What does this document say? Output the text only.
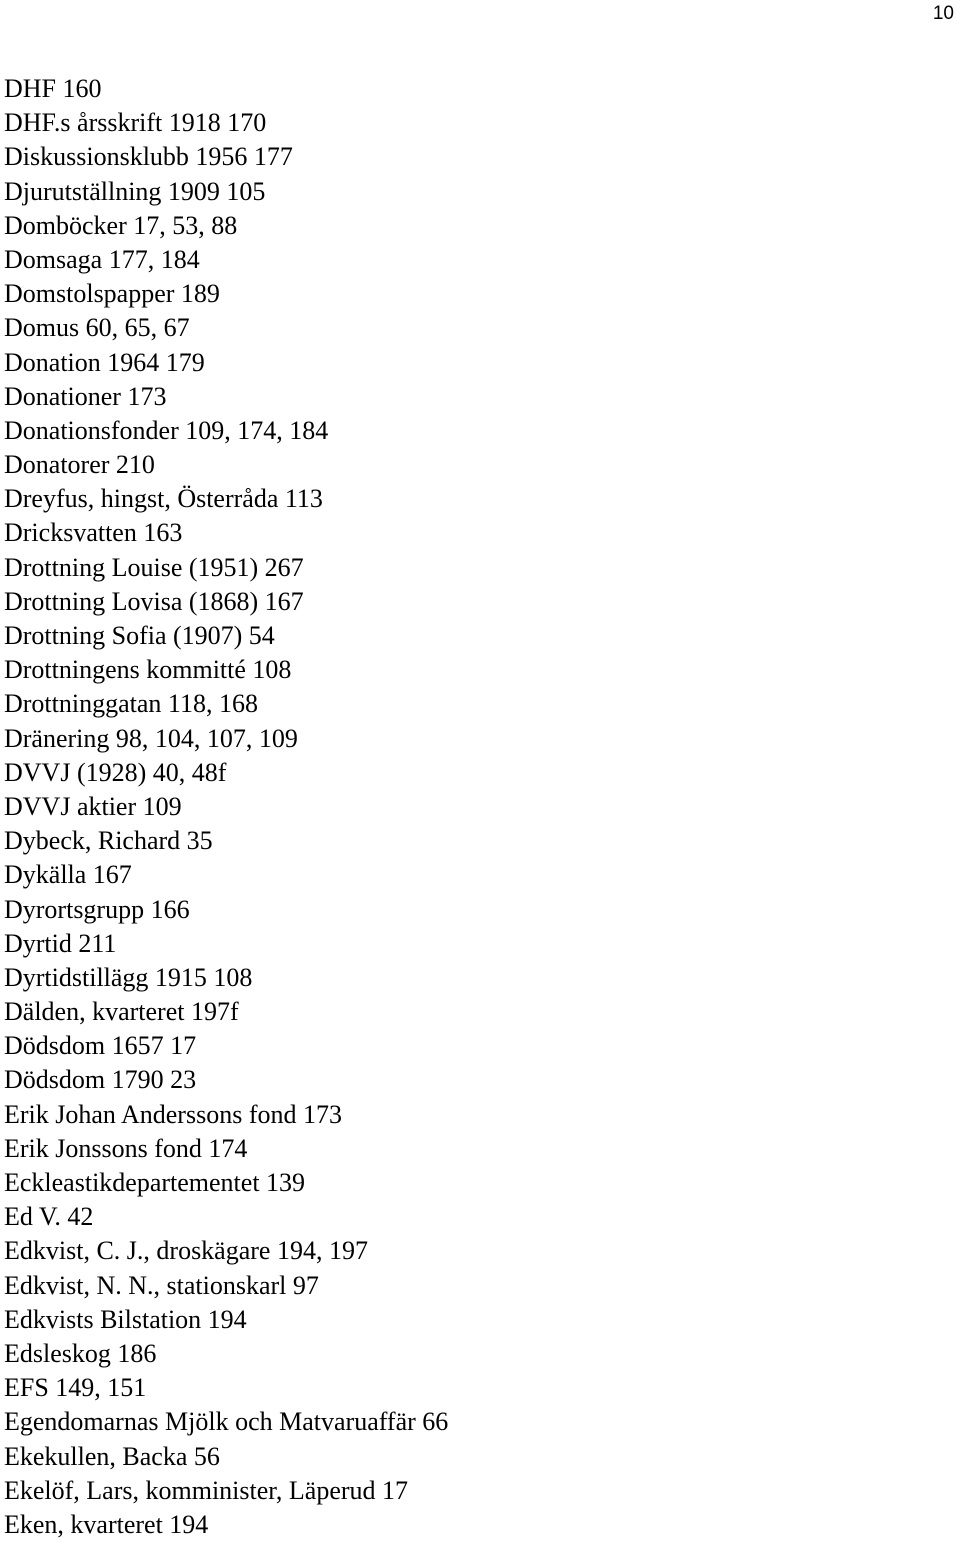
10
DHF 160
DHF.s årsskrift 1918 170
Diskussionsklubb 1956 177
Djurutställning 1909 105
Domböcker 17, 53, 88
Domsaga 177, 184
Domstolspapper 189
Domus 60, 65, 67
Donation 1964 179
Donationer 173
Donationsfonder 109, 174, 184
Donatorer 210
Dreyfus, hingst, Österråda 113
Dricksvatten 163
Drottning Louise (1951) 267
Drottning Lovisa (1868) 167
Drottning Sofia (1907) 54
Drottningens kommitté 108
Drottninggatan 118, 168
Dränering 98, 104, 107, 109
DVVJ (1928) 40, 48f
DVVJ aktier 109
Dybeck, Richard 35
Dykälla 167
Dyrortsgrupp 166
Dyrtid 211
Dyrtidstillägg 1915 108
Dälden, kvarteret 197f
Dödsdom 1657 17
Dödsdom 1790 23
Erik Johan Anderssons fond 173
Erik Jonssons fond 174
Eckleastikdepartementet 139
Ed V. 42
Edkvist, C. J., droskägare 194, 197
Edkvist, N. N., stationskarl 97
Edkvists Bilstation 194
Edsleskog 186
EFS 149, 151
Egendomarnas Mjölk och Matvaruaffär 66
Ekekullen, Backa 56
Ekelöf, Lars, komminister, Läperud 17
Eken, kvarteret 194
